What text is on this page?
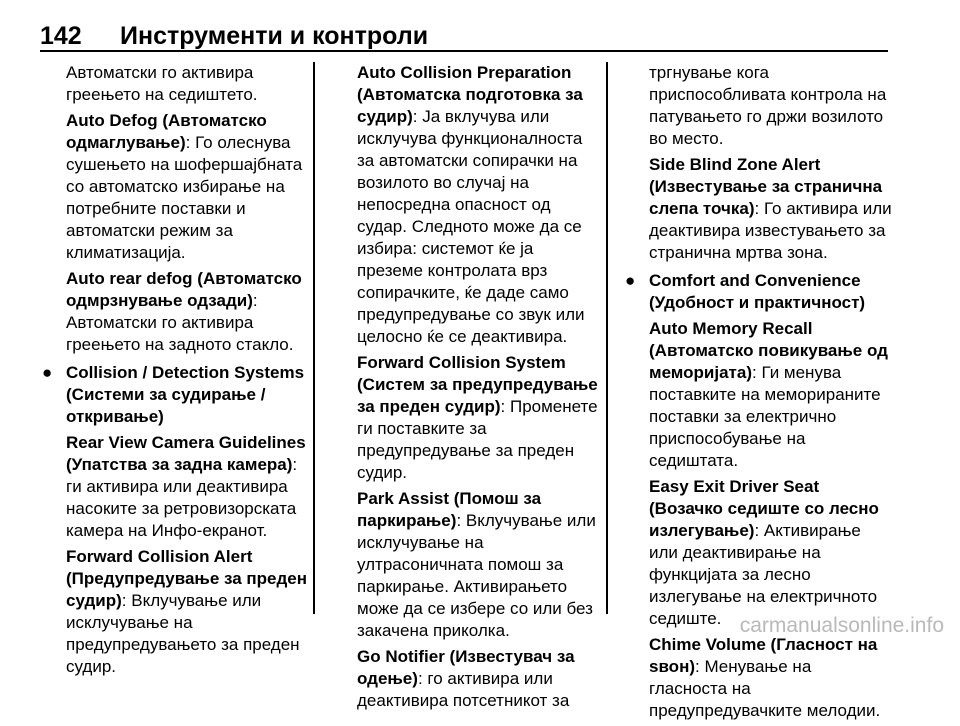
142 Инструменти и контроли

Автоматски го активира греењето на седиштето.

Auto Defog (Автоматско одмаглување): Го олеснува сушењето на шофершајбната со автоматско избирање на потребните поставки и автоматски режим за климатизација.

Auto rear defog (Автоматско одмрзнување одзади): Автоматски го активира греењето на задното стакло.

● Collision / Detection Systems (Системи за судирање / откривање)

Rear View Camera Guidelines (Упатства за задна камера): ги активира или деактивира насоките за ретровизорската камера на Инфо-екранот.

Forward Collision Alert (Предупредување за преден судир): Вклучување или исклучување на предупредувањето за преден судир.

Auto Collision Preparation (Автоматска подготовка за судир): Ја вклучува или исклучува функционалноста за автоматски сопирачки на возилото во случај на непосредна опасност од судар. Следното може да се избира: системот ќе ја преземе контролата врз сопирачките, ќе даде само предупредување со звук или целосно ќе се деактивира.

Forward Collision System (Систем за предупредување за преден судир): Променете ги поставките за предупредување за преден судир.

Park Assist (Помош за паркирање): Вклучување или исклучување на ултрасоничната помош за паркирање. Активирањето може да се избере со или без закачена приколка.

Go Notifier (Известувач за одење): го активира или деактивира потсетникот за

тргнување кога приспособливата контрола на патувањето го држи возилото во место.

Side Blind Zone Alert (Известување за странична слепа точка): Го активира или деактивира известувањето за странична мртва зона.

● Comfort and Convenience (Удобност и практичност)

Auto Memory Recall (Автоматско повикување од меморијата): Ги менува поставките на меморираните поставки за електрично приспособување на седиштата.

Easy Exit Driver Seat (Возачко седиште со лесно излегување): Активирање или деактивирање на функцијата за лесно излегување на електричното седиште.

Chime Volume (Гласност на ѕвон): Менување на гласноста на предупредувачките мелодии.

carmanualsonline.info
